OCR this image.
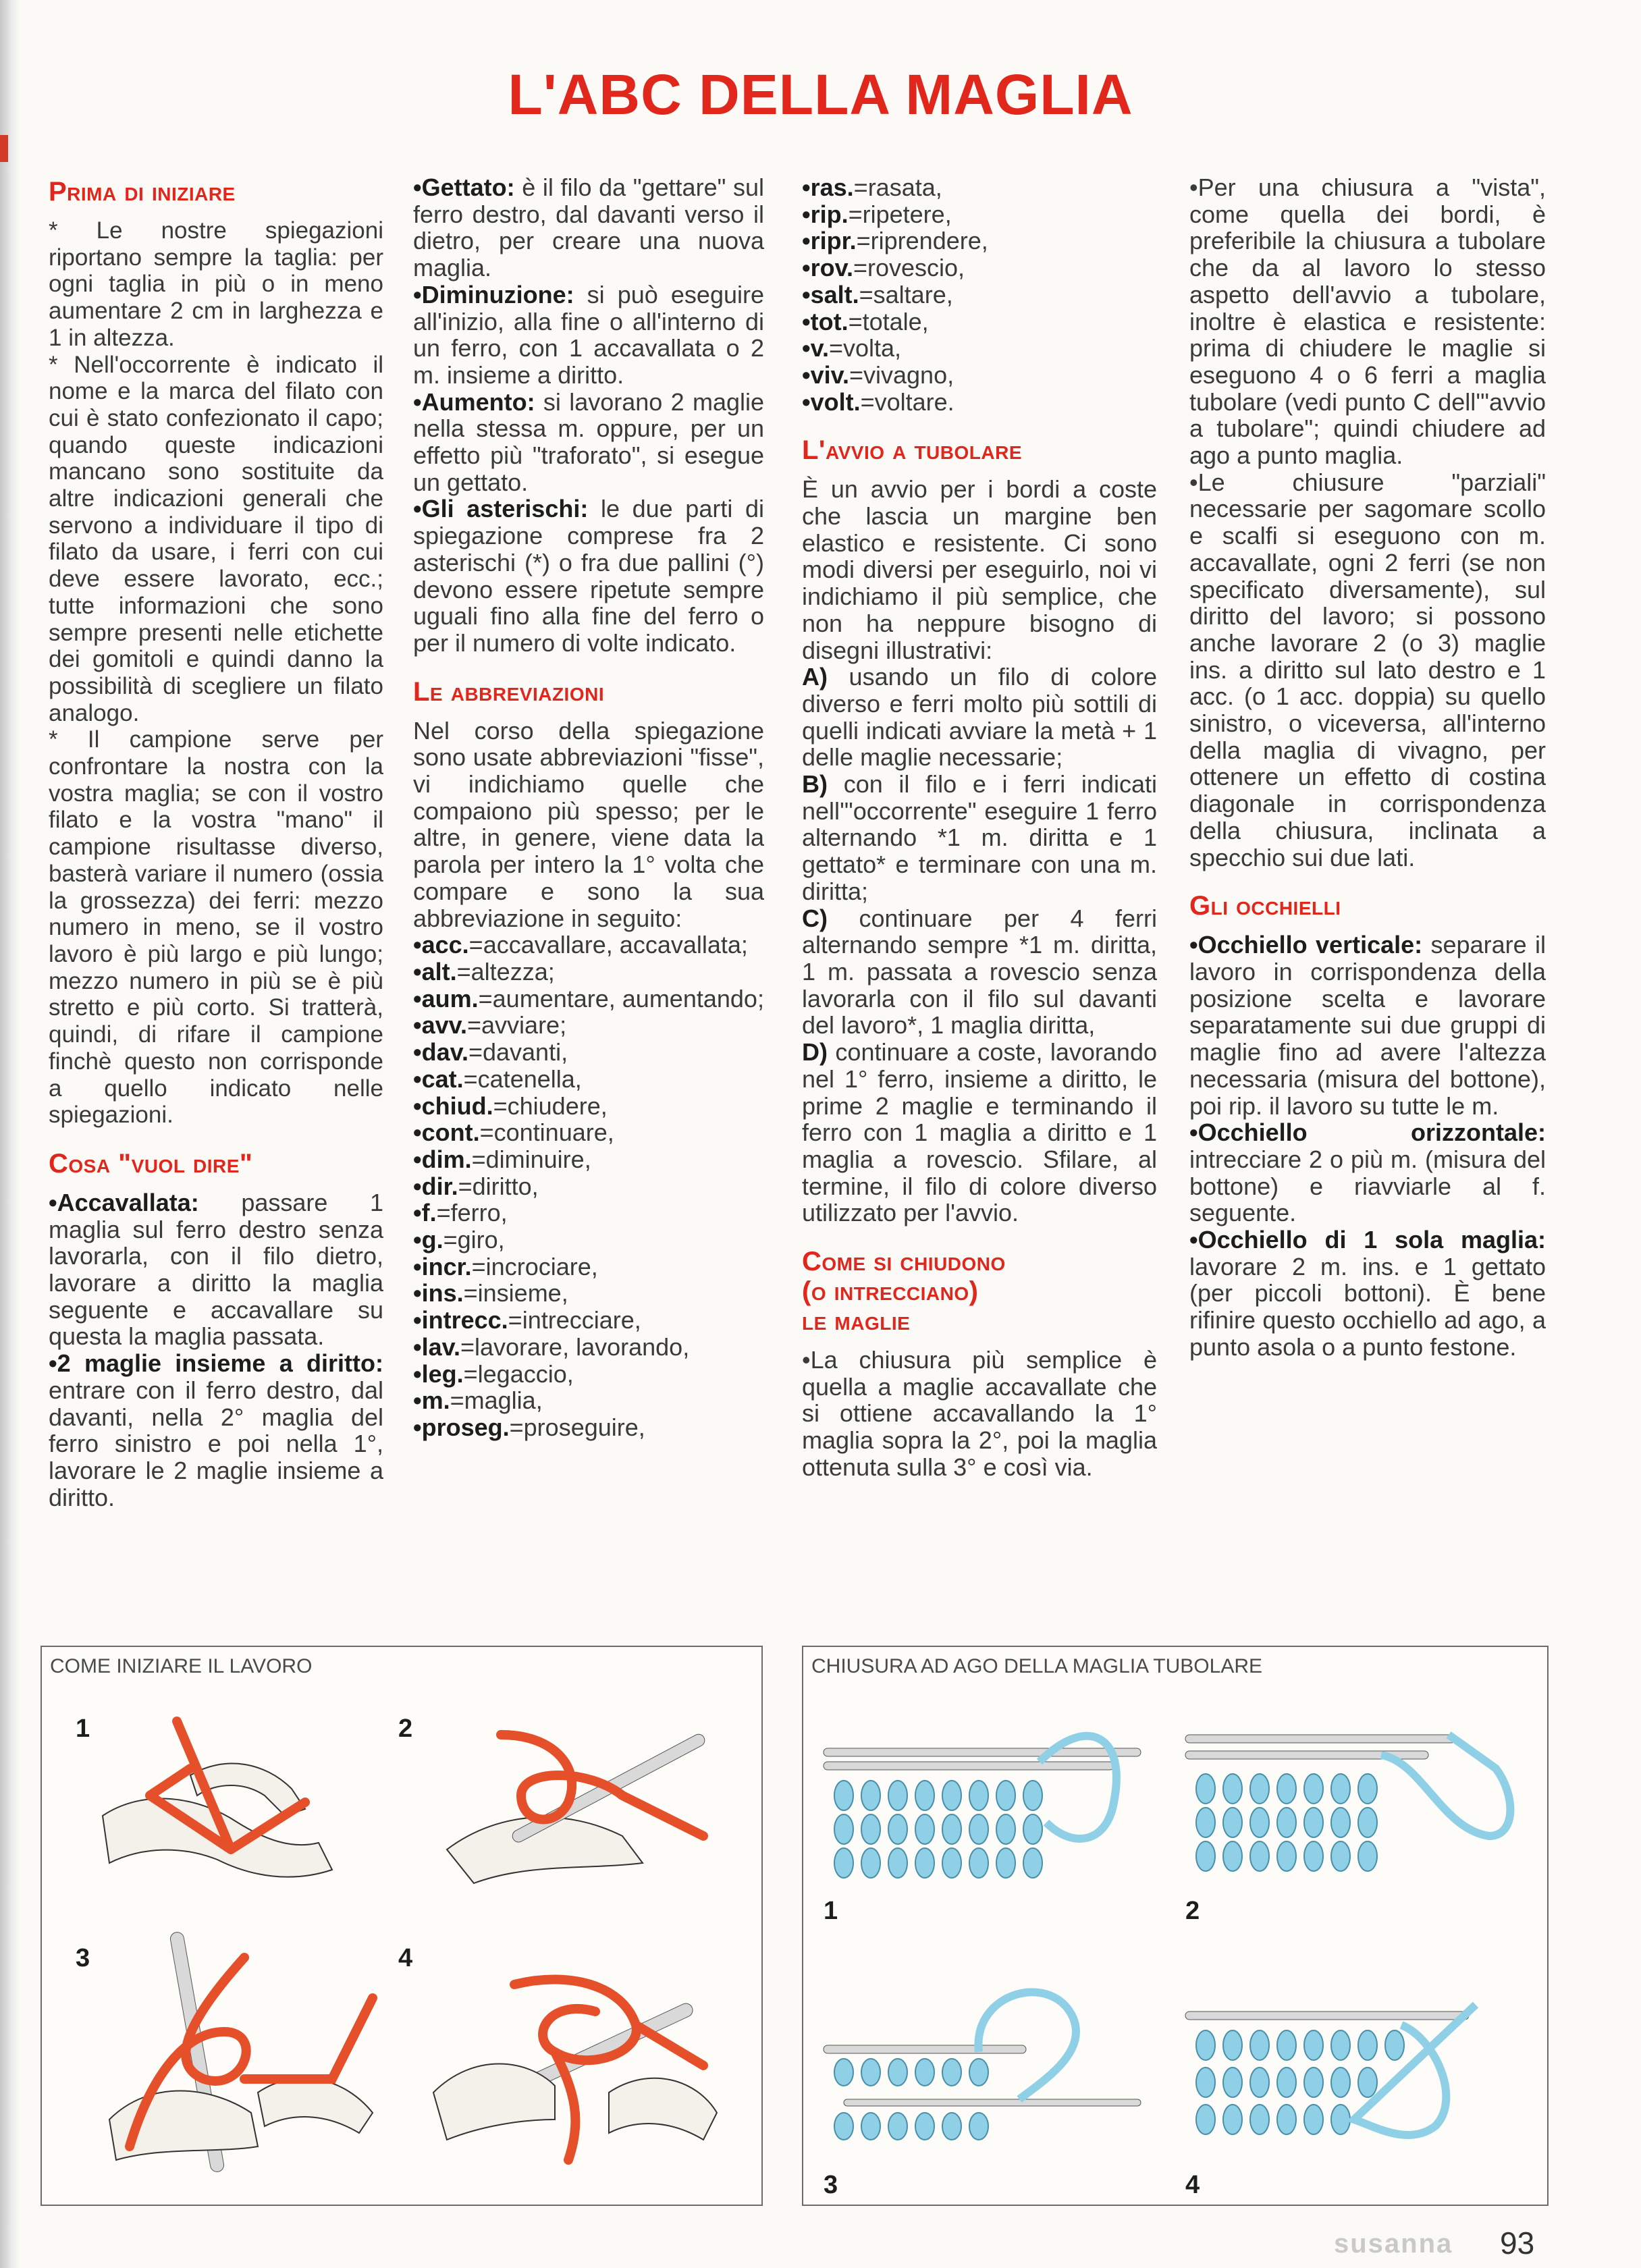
L'ABC DELLA MAGLIA
Prima di iniziare

* Le nostre spiegazioni riportano sempre la taglia: per ogni taglia in più o in meno aumentare 2 cm in larghezza e 1 in altezza.

* Nell'occorrente è indicato il nome e la marca del filato con cui è stato confezionato il capo; quando queste indicazioni mancano sono sostituite da altre indicazioni generali che servono a individuare il tipo di filato da usare, i ferri con cui deve essere lavorato, ecc.; tutte informazioni che sono sempre presenti nelle etichette dei gomitoli e quindi danno la possibilità di scegliere un filato analogo.

* Il campione serve per confrontare la nostra con la vostra maglia; se con il vostro filato e la vostra "mano" il campione risultasse diverso, basterà variare il numero (ossia la grossezza) dei ferri: mezzo numero in meno, se il vostro lavoro è più largo e più lungo; mezzo numero in più se è più stretto e più corto. Si tratterà, quindi, di rifare il campione finchè questo non corrisponde a quello indicato nelle spiegazioni.

Cosa "vuol dire"
•Accavallata: passare 1 maglia sul ferro destro senza lavorarla, con il filo dietro, lavorare a diritto la maglia seguente e accavallare su questa la maglia passata.
•2 maglie insieme a diritto: entrare con il ferro destro, dal davanti, nella 2° maglia del ferro sinistro e poi nella 1°, lavorare le 2 maglie insieme a diritto.
•Gettato: è il filo da "gettare" sul ferro destro, dal davanti verso il dietro, per creare una nuova maglia.
•Diminuzione: si può eseguire all'inizio, alla fine o all'interno di un ferro, con 1 accavallata o 2 m. insieme a diritto.
•Aumento: si lavorano 2 maglie nella stessa m. oppure, per un effetto più "traforato", si esegue un gettato.
•Gli asterischi: le due parti di spiegazione comprese fra 2 asterischi (*) o fra due pallini (°) devono essere ripetute sempre uguali fino alla fine del ferro o per il numero di volte indicato.
Le abbreviazioni

Nel corso della spiegazione sono usate abbreviazioni "fisse", vi indichiamo quelle che compaiono più spesso; per le altre, in genere, viene data la parola per intero la 1° volta che compare e sono la sua abbreviazione in seguito:

•acc.=accavallare, accavallata;
•alt.=altezza;
•aum.=aumentare, aumentando;
•avv.=avviare;
•dav.=davanti,
•cat.=catenella,
•chiud.=chiudere,
•cont.=continuare,
•dim.=diminuire,
•dir.=diritto,
•f.=ferro,
•g.=giro,
•incr.=incrociare,
•ins.=insieme,
•intrecc.=intrecciare,
•lav.=lavorare, lavorando,
•leg.=legaccio,
•m.=maglia,
•proseg.=proseguire,
•ras.=rasata,
•rip.=ripetere,
•ripr.=riprendere,
•rov.=rovescio,
•salt.=saltare,
•tot.=totale,
•v.=volta,
•viv.=vivagno,
•volt.=voltare.
L'avvio a tubolare

È un avvio per i bordi a coste che lascia un margine ben elastico e resistente. Ci sono modi diversi per eseguirlo, noi vi indichiamo il più semplice, che non ha neppure bisogno di disegni illustrativi:

A) usando un filo di colore diverso e ferri molto più sottili di quelli indicati avviare la metà + 1 delle maglie necessarie;
B) con il filo e i ferri indicati nell'"occorrente" eseguire 1 ferro alternando *1 m. diritta e 1 gettato* e terminare con una m. diritta;
C) continuare per 4 ferri alternando sempre *1 m. diritta, 1 m. passata a rovescio senza lavorarla con il filo sul davanti del lavoro*, 1 maglia diritta,
D) continuare a coste, lavorando nel 1° ferro, insieme a diritto, le prime 2 maglie e terminando il ferro con 1 maglia a diritto e 1 maglia a rovescio. Sfilare, al termine, il filo di colore diverso utilizzato per l'avvio.
Come si chiudono
(o intrecciano)
le maglie

•La chiusura più semplice è quella a maglie accavallate che si ottiene accavallando la 1° maglia sopra la 2°, poi la maglia ottenuta sulla 3° e così via.

•Per una chiusura a "vista", come quella dei bordi, è preferibile la chiusura a tubolare che da al lavoro lo stesso aspetto dell'avvio a tubolare, inoltre è elastica e resistente: prima di chiudere le maglie si eseguono 4 o 6 ferri a maglia tubolare (vedi punto C dell'"avvio a tubolare"; quindi chiudere ad ago a punto maglia.

•Le chiusure "parziali" necessarie per sagomare scollo e scalfi si eseguono con m. accavallate, ogni 2 ferri (se non specificato diversamente), sul diritto del lavoro; si possono anche lavorare 2 (o 3) maglie ins. a diritto sul lato destro e 1 acc. (o 1 acc. doppia) su quello sinistro, o viceversa, all'interno della maglia di vivagno, per ottenere un effetto di costina diagonale in corrispondenza della chiusura, inclinata a specchio sui due lati.

Gli occhielli
•Occhiello verticale: separare il lavoro in corrispondenza della posizione scelta e lavorare separatamente sui due gruppi di maglie fino ad avere l'altezza necessaria (misura del bottone), poi rip. il lavoro su tutte le m.
•Occhiello orizzontale: intrecciare 2 o più m. (misura del bottone) e riavviarle al f. seguente.
•Occhiello di 1 sola maglia: lavorare 2 m. ins. e 1 gettato (per piccoli bottoni). È bene rifinire questo occhiello ad ago, a punto asola o a punto festone.
COME INIZIARE IL LAVORO
1	2
3	4
CHIUSURA AD AGO DELLA MAGLIA TUBOLARE
1	2
3	4
susanna 93
